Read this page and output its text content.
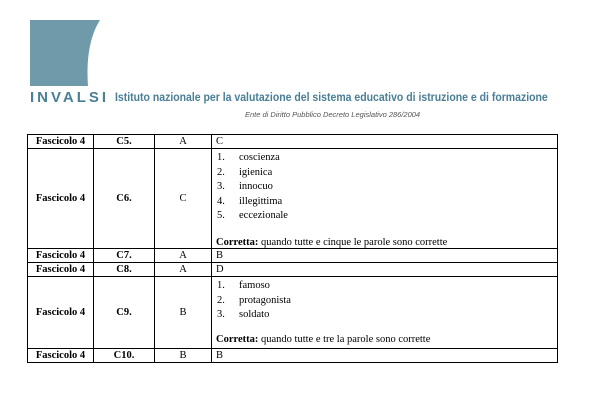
INVALSI Istituto nazionale per la valutazione del sistema educativo di istruzione e di formazione
Ente di Diritto Pubblico Decreto Legislativo 286/2004
Fascicolo 4	C5.	A	C
Fascicolo 4	C6.	C
1.	coscienza
2.	igienica
3.	innocuo
4.	illegittima
5.	eccezionale
Corretta: quando tutte e cinque le parole sono corrette
Fascicolo 4	C7.	A	B
Fascicolo 4	C8.	A	D
Fascicolo 4	C9.	B
1.	famoso
2.	protagonista
3.	soldato
Corretta: quando tutte e tre la parole sono corrette
Fascicolo 4	C10.	B	B
